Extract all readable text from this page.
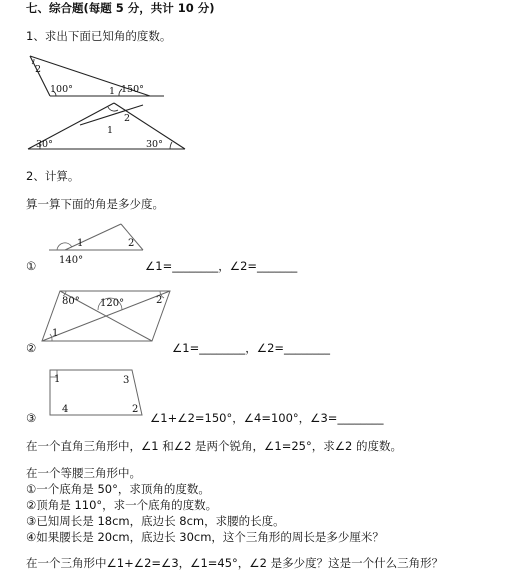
七、综合题(每题 5 分，共计 10 分)
1、求出下面已知角的度数。
2
100°	1 150°
2
1
30°	30°
2、计算。
算一算下面的角是多少度。
1	2
140°
①	∠1=________，∠2=_______
80° 120°	2
1
②	∠1=________，∠2=________
1	3
4	2
③	∠1+∠2=150°，∠4=100°，∠3=________
在一个直角三角形中，∠1 和∠2 是两个锐角，∠1=25°，求∠2 的度数。
在一个等腰三角形中。
①一个底角是 50°，求顶角的度数。
②顶角是 110°，求一个底角的度数。
③已知周长是 18cm，底边长 8cm，求腰的长度。
④如果腰长是 20cm，底边长 30cm，这个三角形的周长是多少厘米？
在一个三角形中∠1+∠2=∠3，∠1=45°，∠2 是多少度？这是一个什么三角形？
